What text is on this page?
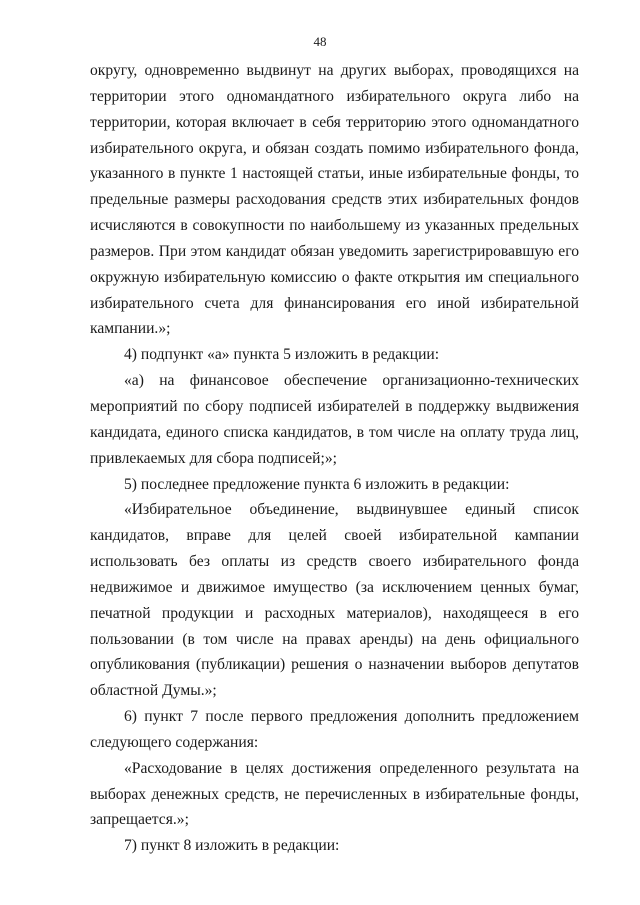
48

округу, одновременно выдвинут на других выборах, проводящихся на территории этого одномандатного избирательного округа либо на территории, которая включает в себя территорию этого одномандатного избирательного округа, и обязан создать помимо избирательного фонда, указанного в пункте 1 настоящей статьи, иные избирательные фонды, то предельные размеры расходования средств этих избирательных фондов исчисляются в совокупности по наибольшему из указанных предельных размеров. При этом кандидат обязан уведомить зарегистрировавшую его окружную избирательную комиссию о факте открытия им специального избирательного счета для финансирования его иной избирательной кампании.»;

4) подпункт «а» пункта 5 изложить в редакции:

«а) на финансовое обеспечение организационно-технических мероприятий по сбору подписей избирателей в поддержку выдвижения кандидата, единого списка кандидатов, в том числе на оплату труда лиц, привлекаемых для сбора подписей;»;

5) последнее предложение пункта 6 изложить в редакции:

«Избирательное объединение, выдвинувшее единый список кандидатов, вправе для целей своей избирательной кампании использовать без оплаты из средств своего избирательного фонда недвижимое и движимое имущество (за исключением ценных бумаг, печатной продукции и расходных материалов), находящееся в его пользовании (в том числе на правах аренды) на день официального опубликования (публикации) решения о назначении выборов депутатов областной Думы.»;

6) пункт 7 после первого предложения дополнить предложением следующего содержания:

«Расходование в целях достижения определенного результата на выборах денежных средств, не перечисленных в избирательные фонды, запрещается.»;

7) пункт 8 изложить в редакции:
